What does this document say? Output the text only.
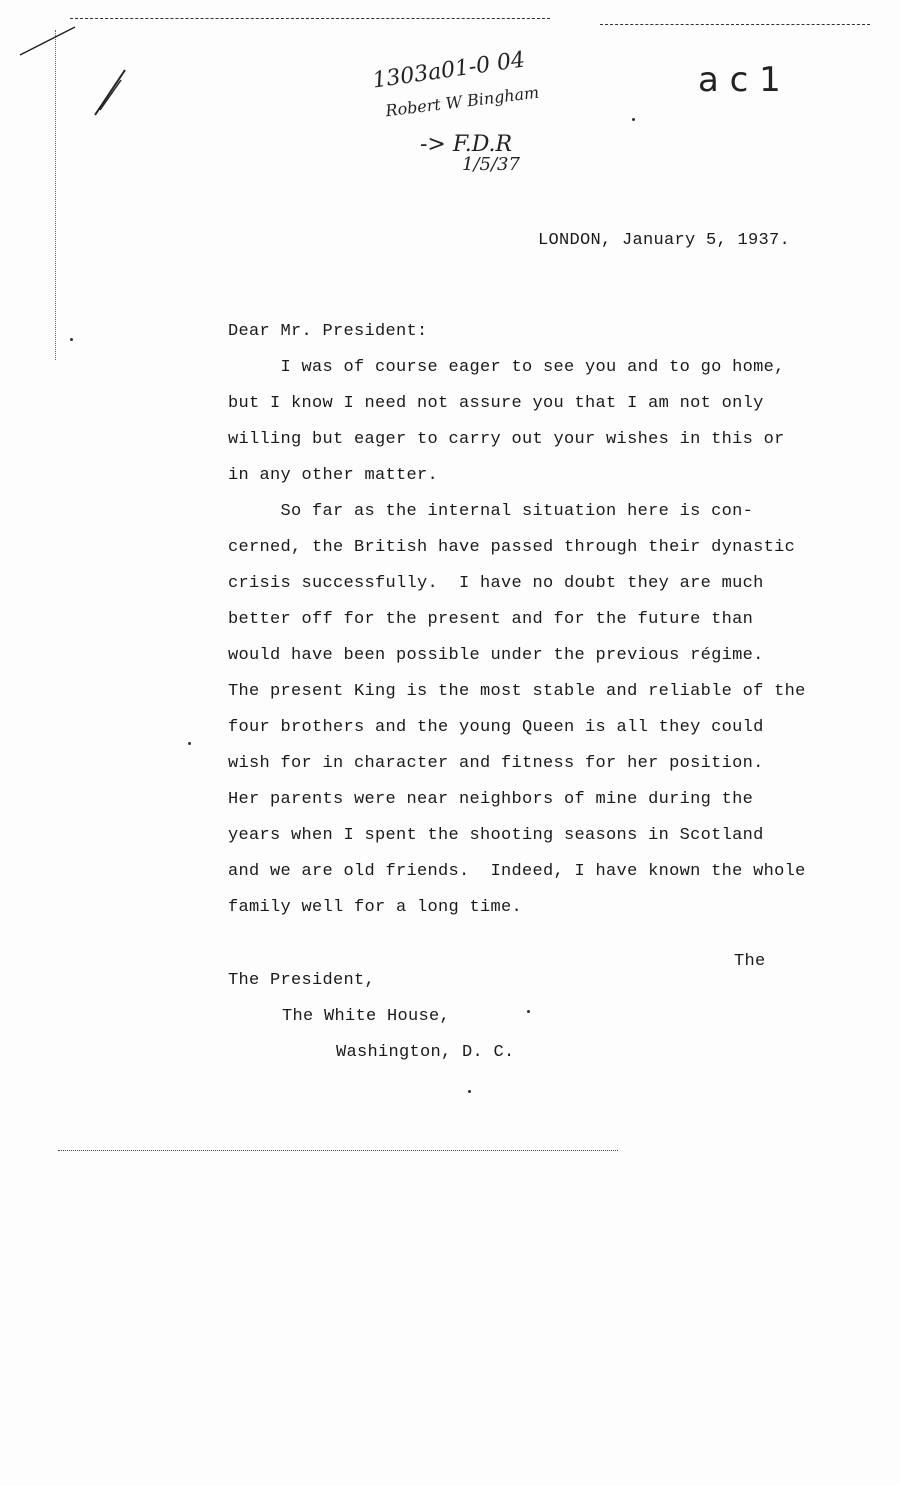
1303a01-0 04
Robert W Bingham
-> F.D.R
1/5/37
a c 1
LONDON, January 5, 1937.
Dear Mr. President:
I was of course eager to see you and to go home,
but I know I need not assure you that I am not only
willing but eager to carry out your wishes in this or
in any other matter.
So far as the internal situation here is con-
cerned, the British have passed through their dynastic
crisis successfully.  I have no doubt they are much
better off for the present and for the future than
would have been possible under the previous régime.
The present King is the most stable and reliable of the
four brothers and the young Queen is all they could
wish for in character and fitness for her position.
Her parents were near neighbors of mine during the
years when I spent the shooting seasons in Scotland
and we are old friends.  Indeed, I have known the whole
family well for a long time.
The
The President,
The White House,
Washington, D. C.
